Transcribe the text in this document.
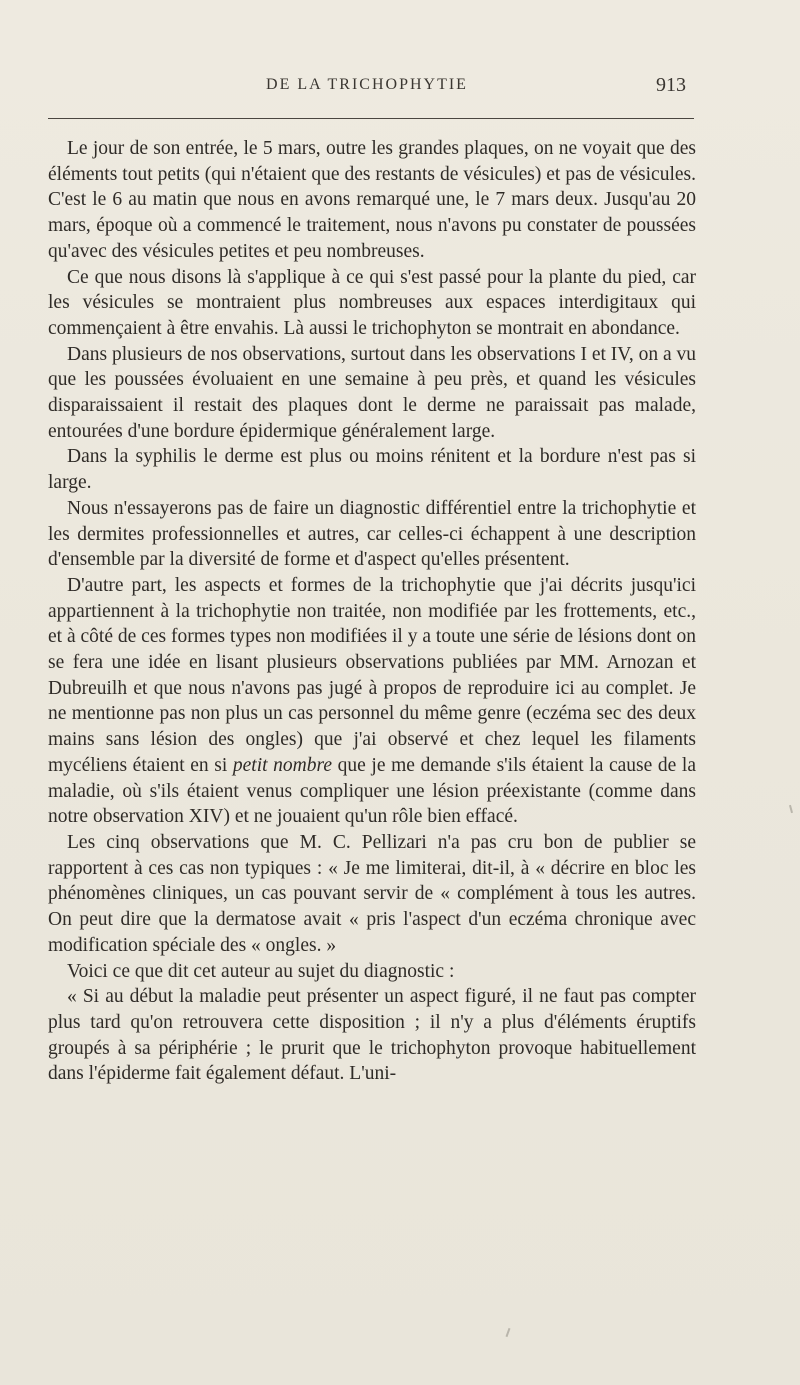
DE LA TRICHOPHYTIE	913

Le jour de son entrée, le 5 mars, outre les grandes plaques, on ne voyait que des éléments tout petits (qui n'étaient que des restants de vésicules) et pas de vésicules. C'est le 6 au matin que nous en avons remarqué une, le 7 mars deux. Jusqu'au 20 mars, époque où a commencé le traitement, nous n'avons pu constater de poussées qu'avec des vésicules petites et peu nombreuses.

Ce que nous disons là s'applique à ce qui s'est passé pour la plante du pied, car les vésicules se montraient plus nombreuses aux espaces interdigitaux qui commençaient à être envahis. Là aussi le trichophyton se montrait en abondance.

Dans plusieurs de nos observations, surtout dans les observations I et IV, on a vu que les poussées évoluaient en une semaine à peu près, et quand les vésicules disparaissaient il restait des plaques dont le derme ne paraissait pas malade, entourées d'une bordure épidermique généralement large.

Dans la syphilis le derme est plus ou moins rénitent et la bordure n'est pas si large.

Nous n'essayerons pas de faire un diagnostic différentiel entre la trichophytie et les dermites professionnelles et autres, car celles-ci échappent à une description d'ensemble par la diversité de forme et d'aspect qu'elles présentent.

D'autre part, les aspects et formes de la trichophytie que j'ai décrits jusqu'ici appartiennent à la trichophytie non traitée, non modifiée par les frottements, etc., et à côté de ces formes types non modifiées il y a toute une série de lésions dont on se fera une idée en lisant plusieurs observations publiées par MM. Arnozan et Dubreuilh et que nous n'avons pas jugé à propos de reproduire ici au complet. Je ne mentionne pas non plus un cas personnel du même genre (eczéma sec des deux mains sans lésion des ongles) que j'ai observé et chez lequel les filaments mycéliens étaient en si petit nombre que je me demande s'ils étaient la cause de la maladie, où s'ils étaient venus compliquer une lésion préexistante (comme dans notre observation XIV) et ne jouaient qu'un rôle bien effacé.

Les cinq observations que M. C. Pellizari n'a pas cru bon de publier se rapportent à ces cas non typiques : « Je me limiterai, dit-il, à « décrire en bloc les phénomènes cliniques, un cas pouvant servir de « complément à tous les autres. On peut dire que la dermatose avait « pris l'aspect d'un eczéma chronique avec modification spéciale des « ongles. »

Voici ce que dit cet auteur au sujet du diagnostic :

« Si au début la maladie peut présenter un aspect figuré, il ne faut pas compter plus tard qu'on retrouvera cette disposition ; il n'y a plus d'éléments éruptifs groupés à sa périphérie ; le prurit que le trichophyton provoque habituellement dans l'épiderme fait également défaut. L'uni-
